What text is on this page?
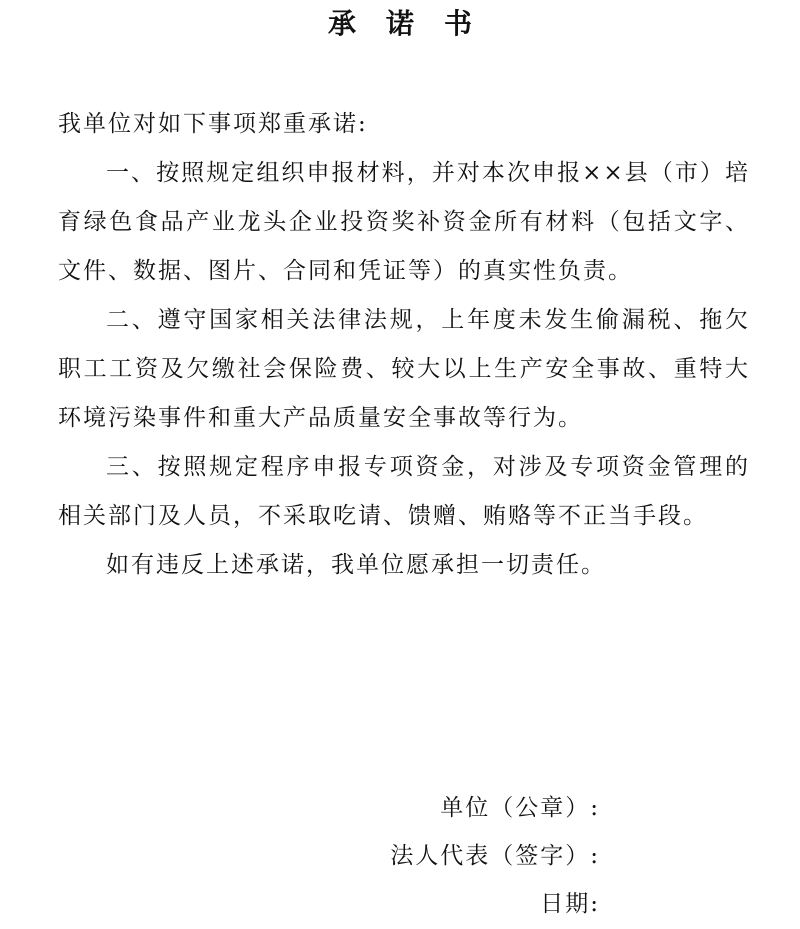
承诺书

我单位对如下事项郑重承诺:

一、按照规定组织申报材料，并对本次申报××县（市）培育绿色食品产业龙头企业投资奖补资金所有材料（包括文字、文件、数据、图片、合同和凭证等）的真实性负责。

二、遵守国家相关法律法规，上年度未发生偷漏税、拖欠职工工资及欠缴社会保险费、较大以上生产安全事故、重特大环境污染事件和重大产品质量安全事故等行为。

三、按照规定程序申报专项资金，对涉及专项资金管理的相关部门及人员，不采取吃请、馈赠、贿赂等不正当手段。

如有违反上述承诺，我单位愿承担一切责任。

单位（公章）:
法人代表（签字）:
日期:
